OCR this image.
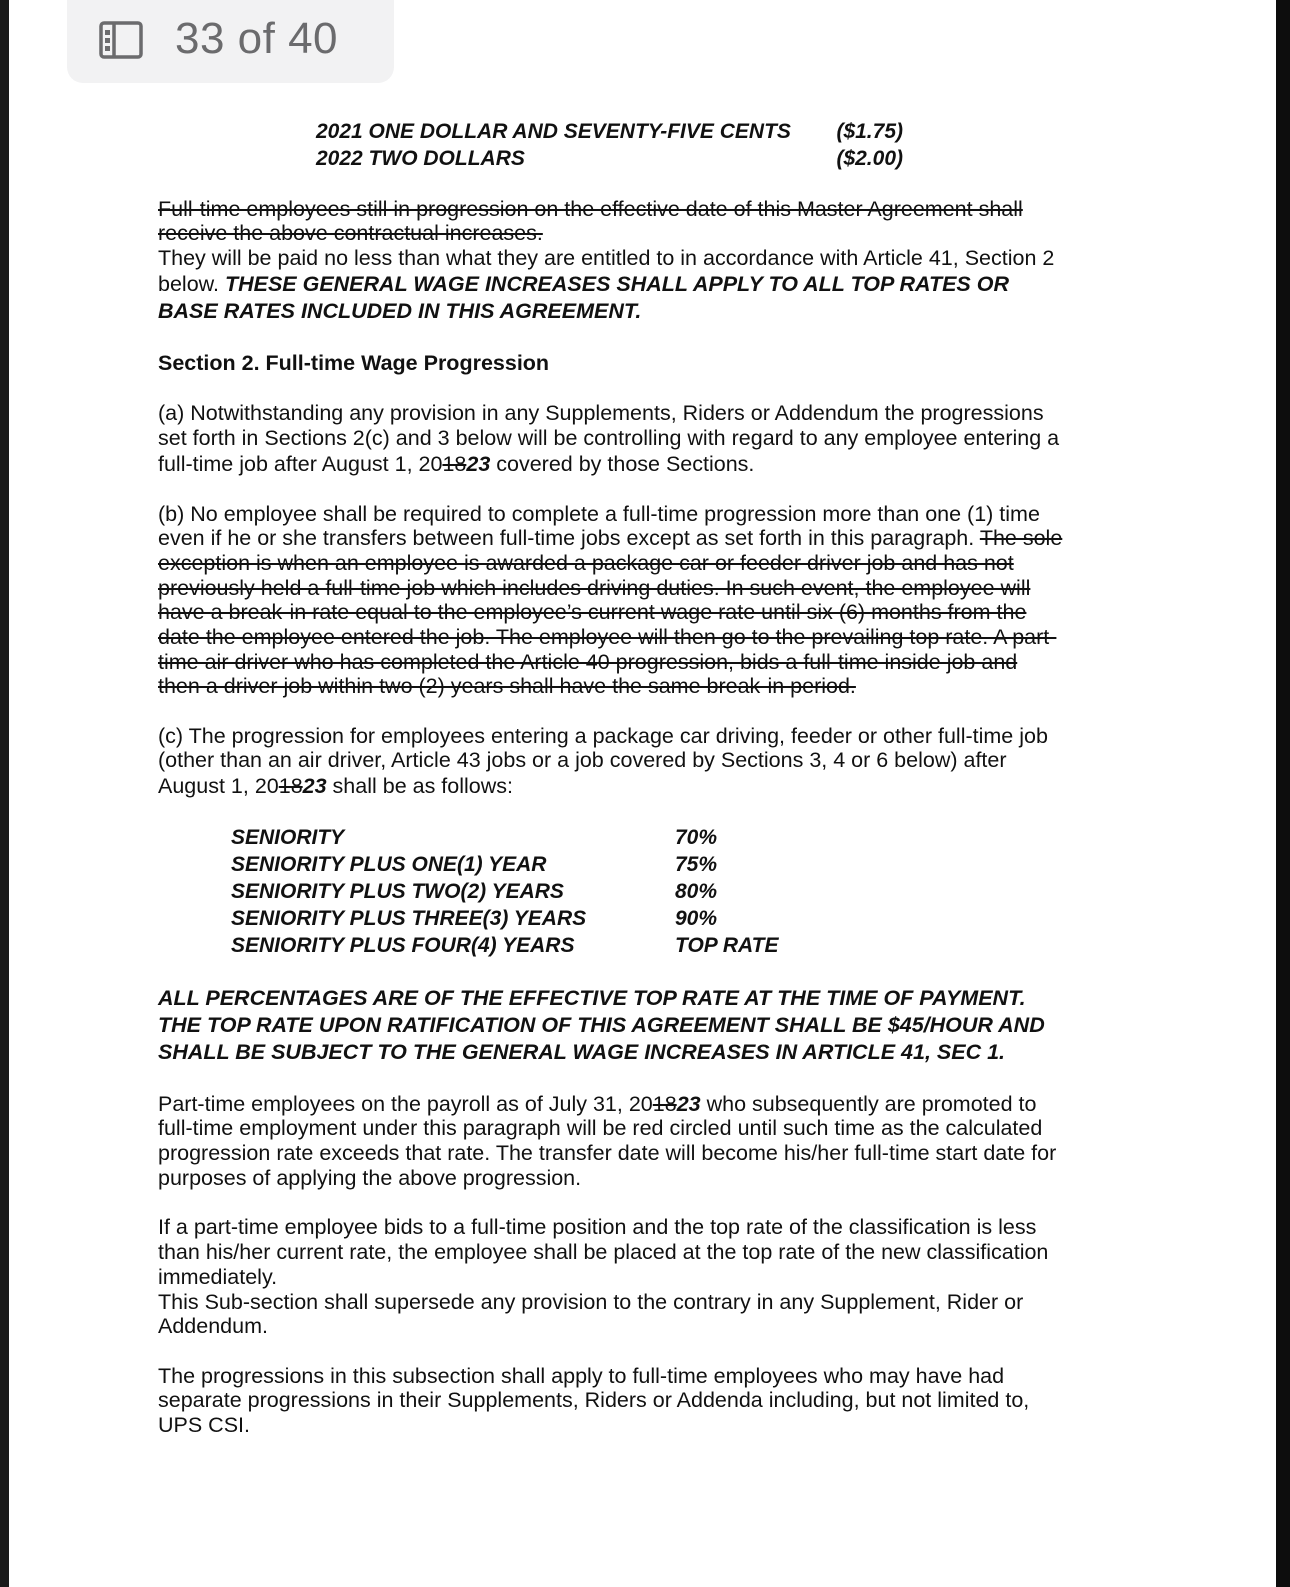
33 of 40
2021 ONE DOLLAR AND SEVENTY-FIVE CENTS ($1.75)
2022 TWO DOLLARS	($2.00)
Full-time employees still in progression on the effective date of this Master Agreement shall
receive the above contractual increases.
They will be paid no less than what they are entitled to in accordance with Article 41, Section 2
below. THESE GENERAL WAGE INCREASES SHALL APPLY TO ALL TOP RATES OR
BASE RATES INCLUDED IN THIS AGREEMENT.
Section 2. Full-time Wage Progression
(a) Notwithstanding any provision in any Supplements, Riders or Addendum the progressions
set forth in Sections 2(c) and 3 below will be controlling with regard to any employee entering a
full-time job after August 1, 201823 covered by those Sections.
(b) No employee shall be required to complete a full-time progression more than one (1) time
even if he or she transfers between full-time jobs except as set forth in this paragraph. The sole
exception is when an employee is awarded a package car or feeder driver job and has not
previously held a full-time job which includes driving duties. In such event, the employee will
have a break-in rate equal to the employee’s current wage rate until six (6) months from the
date the employee entered the job. The employee will then go to the prevailing top rate. A part-
time air driver who has completed the Article 40 progression, bids a full-time inside job and
then a driver job within two (2) years shall have the same break-in period.
(c) The progression for employees entering a package car driving, feeder or other full-time job
(other than an air driver, Article 43 jobs or a job covered by Sections 3, 4 or 6 below) after
August 1, 201823 shall be as follows:
SENIORITY	70%
SENIORITY PLUS ONE(1) YEAR	75%
SENIORITY PLUS TWO(2) YEARS	80%
SENIORITY PLUS THREE(3) YEARS	90%
SENIORITY PLUS FOUR(4) YEARS	TOP RATE
ALL PERCENTAGES ARE OF THE EFFECTIVE TOP RATE AT THE TIME OF PAYMENT.
THE TOP RATE UPON RATIFICATION OF THIS AGREEMENT SHALL BE $45/HOUR AND
SHALL BE SUBJECT TO THE GENERAL WAGE INCREASES IN ARTICLE 41, SEC 1.
Part-time employees on the payroll as of July 31, 201823 who subsequently are promoted to
full-time employment under this paragraph will be red circled until such time as the calculated
progression rate exceeds that rate. The transfer date will become his/her full-time start date for
purposes of applying the above progression.
If a part-time employee bids to a full-time position and the top rate of the classification is less
than his/her current rate, the employee shall be placed at the top rate of the new classification
immediately.
This Sub-section shall supersede any provision to the contrary in any Supplement, Rider or
Addendum.
The progressions in this subsection shall apply to full-time employees who may have had
separate progressions in their Supplements, Riders or Addenda including, but not limited to,
UPS CSI.
